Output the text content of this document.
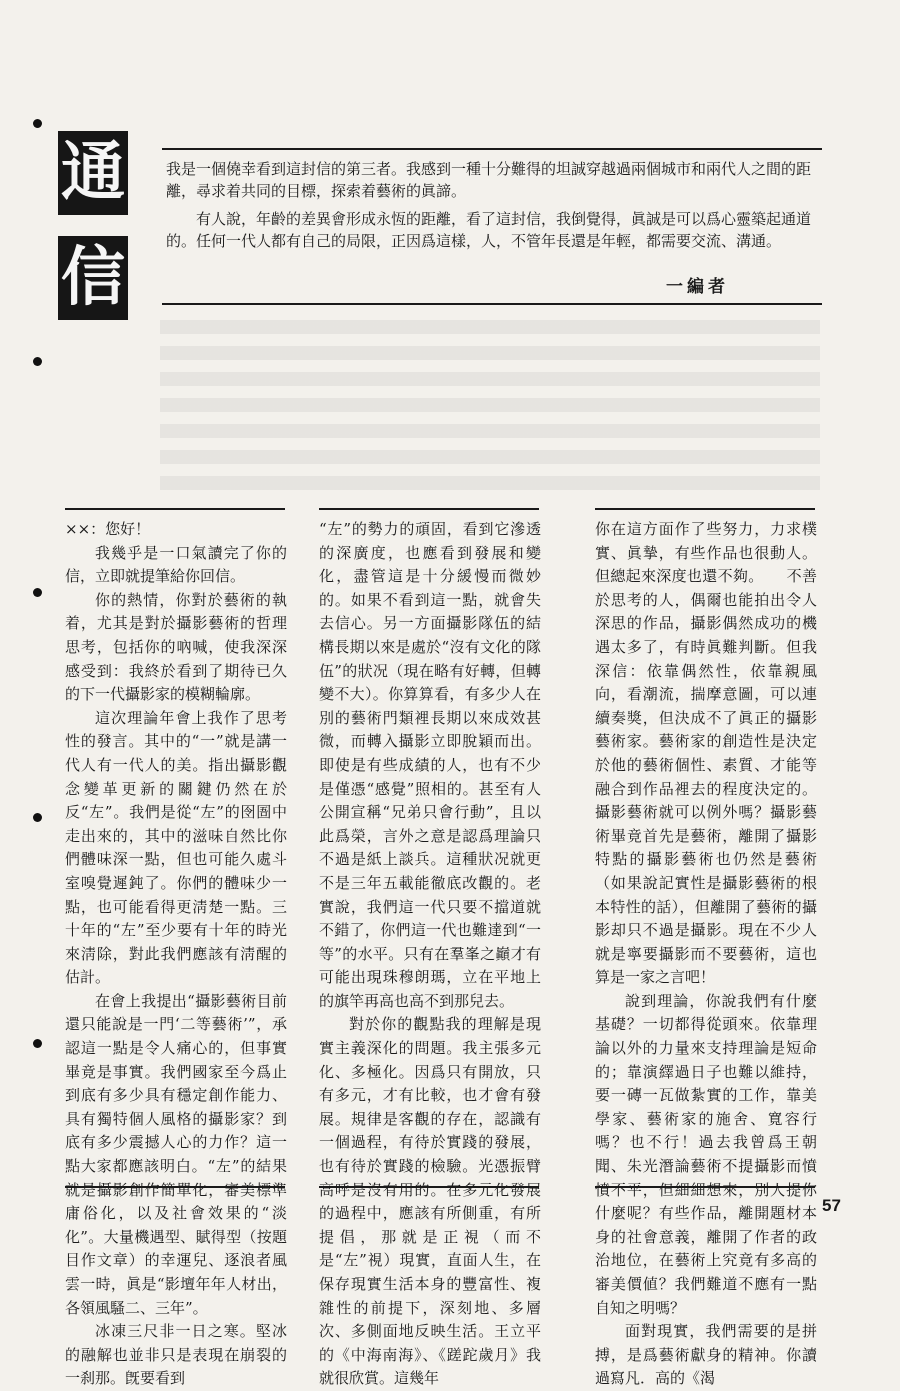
通
信

我是一個僥幸看到這封信的第三者。我感到一種十分難得的坦誠穿越過兩個城市和兩代人之間的距離，尋求着共同的目標，探索着藝術的眞諦。

有人說，年齡的差異會形成永恆的距離，看了這封信，我倒覺得，眞誠是可以爲心靈築起通道的。任何一代人都有自己的局限，正因爲這樣，人，不管年長還是年輕，都需要交流、溝通。

一編者

××：您好！

我幾乎是一口氣讀完了你的信，立即就提筆給你回信。

你的熱情，你對於藝術的執着，尤其是對於攝影藝術的哲理思考，包括你的吶喊，使我深深感受到：我終於看到了期待已久的下一代攝影家的模糊輪廓。

這次理論年會上我作了思考性的發言。其中的“一”就是講一代人有一代人的美。指出攝影觀念變革更新的關鍵仍然在於反“左”。我們是從“左”的囹圄中走出來的，其中的滋味自然比你們體味深一點，但也可能久處斗室嗅覺遲鈍了。你們的體味少一點，也可能看得更淸楚一點。三十年的“左”至少要有十年的時光來淸除，對此我們應該有淸醒的估計。

在會上我提出“攝影藝術目前還只能說是一門‘二等藝術’”，承認這一點是令人痛心的，但事實畢竟是事實。我們國家至今爲止到底有多少具有穩定創作能力、具有獨特個人風格的攝影家？到底有多少震撼人心的力作？這一點大家都應該明白。“左”的結果就是攝影創作簡單化，審美標準庸俗化，以及社會效果的“淡化”。大量機遇型、賦得型（按題目作文章）的幸運兒、逐浪者風雲一時，眞是“影壇年年人材出，各領風騷二、三年”。

冰凍三尺非一日之寒。堅冰的融解也並非只是表現在崩裂的一刹那。旣要看到

“左”的勢力的頑固，看到它滲透的深廣度，也應看到發展和變化，盡管這是十分緩慢而微妙的。如果不看到這一點，就會失去信心。另一方面攝影隊伍的結構長期以來是處於“沒有文化的隊伍”的狀况（現在略有好轉，但轉變不大）。你算算看，有多少人在別的藝術門類裡長期以來成效甚微，而轉入攝影立即脫穎而出。即使是有些成績的人，也有不少是僅憑“感覺”照相的。甚至有人公開宣稱“兄弟只會行動”，且以此爲榮，言外之意是認爲理論只不過是紙上談兵。這種狀况就更不是三年五載能徹底改觀的。老實說，我們這一代只要不擋道就不錯了，你們這一代也難達到“一等”的水平。只有在羣峯之巓才有可能出現珠穆朗瑪，立在平地上的旗竿再高也高不到那兒去。

對於你的觀點我的理解是現實主義深化的問題。我主張多元化、多極化。因爲只有開放，只有多元，才有比較，也才會有發展。規律是客觀的存在，認識有一個過程，有待於實踐的發展，也有待於實踐的檢驗。光憑振臂高呼是沒有用的。在多元化發展的過程中，應該有所側重，有所提倡，那就是正視（而不是“左”視）現實，直面人生，在保存現實生活本身的豐富性、複雜性的前提下，深刻地、多層次、多側面地反映生活。王立平的《中海南海》、《蹉跎歲月》我就很欣賞。這幾年

你在這方面作了些努力，力求樸實、眞摯，有些作品也很動人。但總起來深度也還不夠。　　不善於思考的人，偶爾也能拍出令人深思的作品，攝影偶然成功的機遇太多了，有時眞難判斷。但我深信：依靠偶然性，依靠親風向，看潮流，揣摩意圖，可以連續奏獎，但決成不了眞正的攝影藝術家。藝術家的創造性是決定於他的藝術個性、素質、才能等融合到作品裡去的程度決定的。攝影藝術就可以例外嗎？攝影藝術畢竟首先是藝術，離開了攝影特點的攝影藝術也仍然是藝術（如果說記實性是攝影藝術的根本特性的話），但離開了藝術的攝影却只不過是攝影。現在不少人就是寧要攝影而不要藝術，這也算是一家之言吧！

說到理論，你說我們有什麼基礎？一切都得從頭來。依靠理論以外的力量來支持理論是短命的；靠演繹過日子也難以維持，要一磚一瓦做紮實的工作，靠美學家、藝術家的施舍、寬容行嗎？也不行！過去我曾爲王朝聞、朱光潛論藝術不提攝影而憤憤不平，但細細想來，別人提你什麼呢？有些作品，離開題材本身的社會意義，離開了作者的政治地位，在藝術上究竟有多高的審美價値？我們難道不應有一點自知之明嗎？

面對現實，我們需要的是拼搏，是爲藝術獻身的精神。你讀過寫凡．高的《渴

57
